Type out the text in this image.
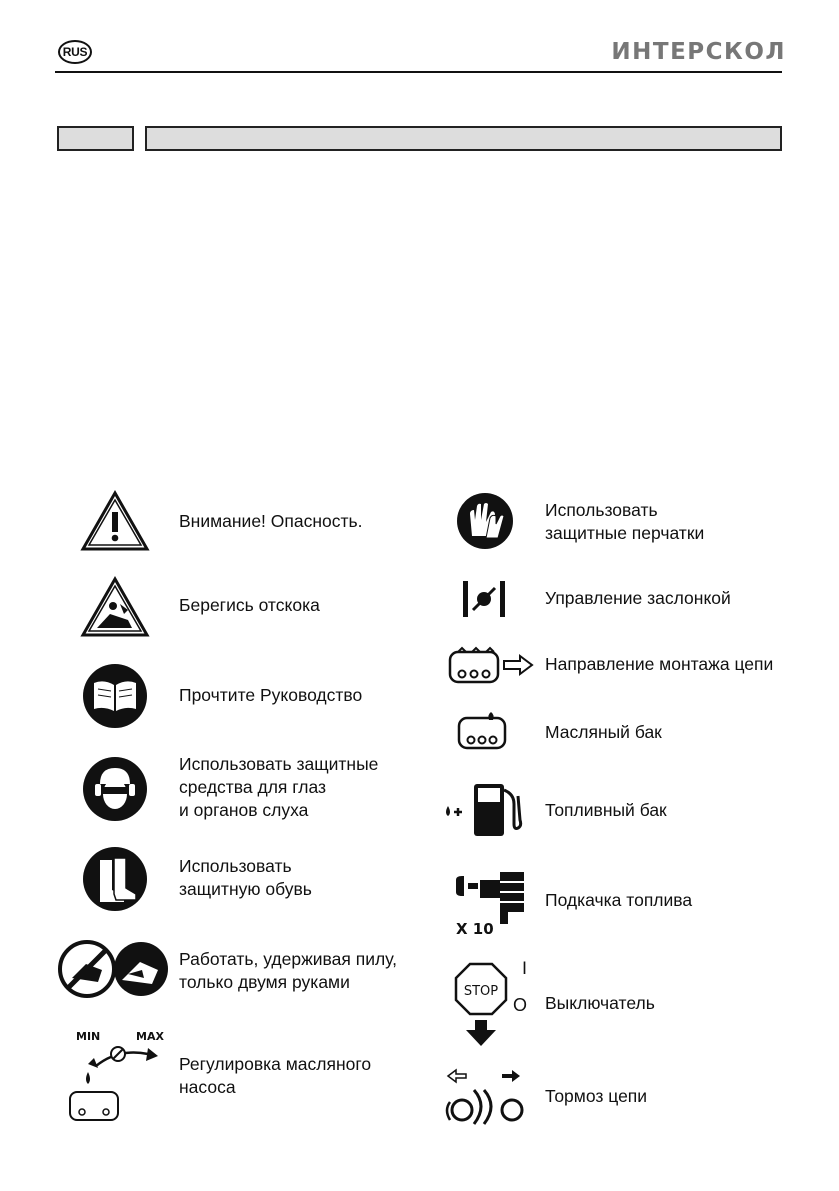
RUS	ИНТЕРСКОЛ
MIN	MAX
Внимание! Опасность.
Берегись отскока
Прочтите Руководство
Использовать защитные
средства для глаз
и органов слуха
Использовать
защитную обувь
Работать, удерживая пилу,
только двумя руками
Регулировка масляного
насоса
X 10
STOP
I
O
Использовать
защитные перчатки
Управление заслонкой
Направление монтажа цепи
Масляный бак
Топливный бак
Подкачка топлива
Выключатель
Тормоз цепи
